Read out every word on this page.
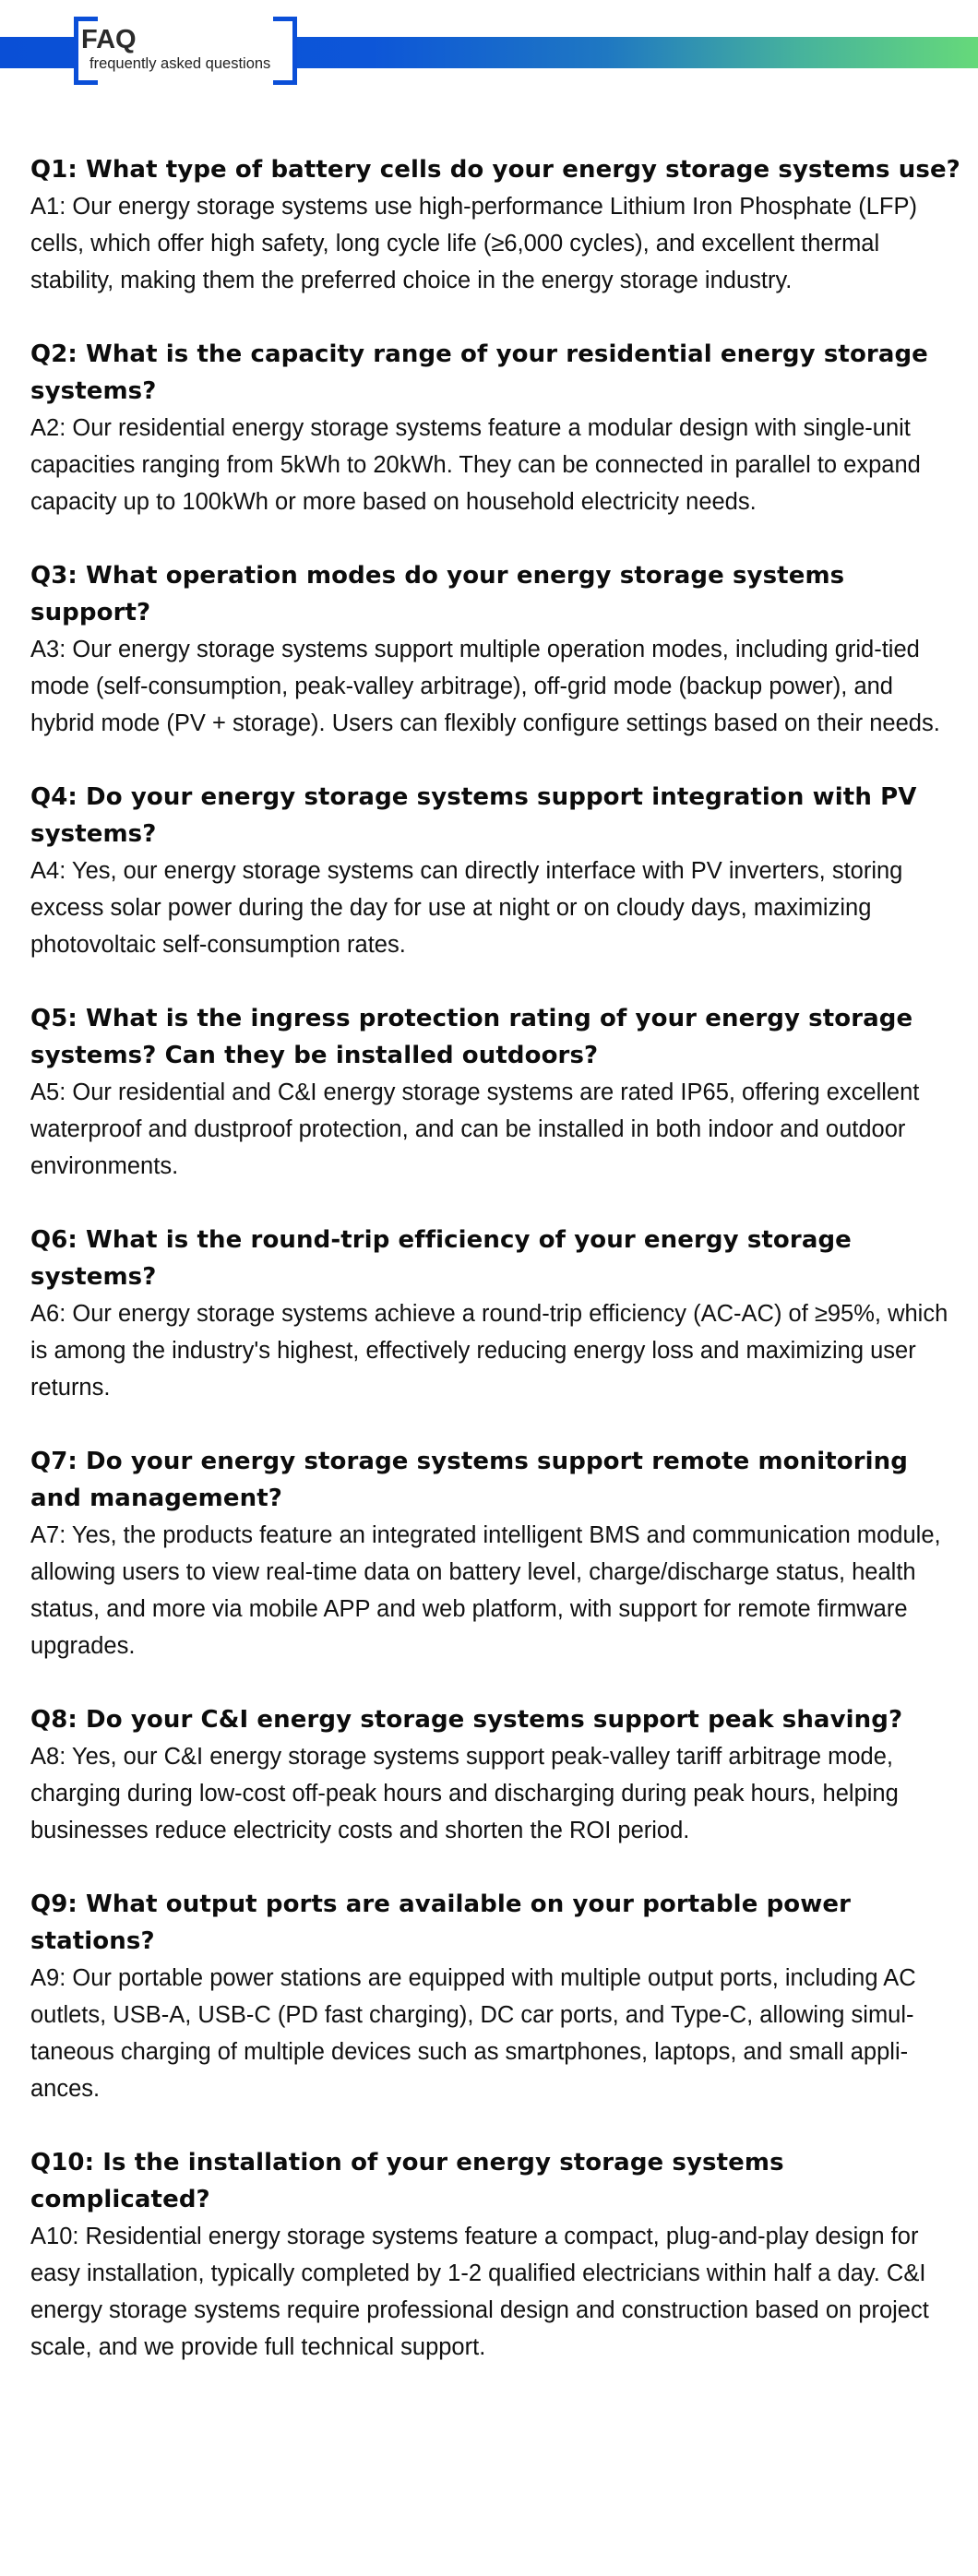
FAQ
frequently asked questions

Q1: What type of battery cells do your energy storage systems use?

A1: Our energy storage systems use high-performance Lithium Iron Phosphate (LFP) cells, which offer high safety, long cycle life (≥6,000 cycles), and excellent thermal stability, making them the preferred choice in the energy storage industry.

Q2: What is the capacity range of your residential energy storage systems?

A2: Our residential energy storage systems feature a modular design with single-unit capacities ranging from 5kWh to 20kWh. They can be connected in parallel to expand capacity up to 100kWh or more based on household electricity needs.

Q3: What operation modes do your energy storage systems support?

A3: Our energy storage systems support multiple operation modes, including grid-tied mode (self-consumption, peak-valley arbitrage), off-grid mode (backup power), and hybrid mode (PV + storage). Users can flexibly configure settings based on their needs.

Q4: Do your energy storage systems support integration with PV systems?

A4: Yes, our energy storage systems can directly interface with PV inverters, storing excess solar power during the day for use at night or on cloudy days, maximizing photovoltaic self-consumption rates.

Q5: What is the ingress protection rating of your energy storage systems? Can they be installed outdoors?

A5: Our residential and C&I energy storage systems are rated IP65, offering excellent waterproof and dustproof protection, and can be installed in both indoor and outdoor environments.

Q6: What is the round-trip efficiency of your energy storage systems?

A6: Our energy storage systems achieve a round-trip efficiency (AC-AC) of ≥95%, which is among the industry's highest, effectively reducing energy loss and maximizing user returns.

Q7: Do your energy storage systems support remote monitoring and management?

A7: Yes, the products feature an integrated intelligent BMS and communication module, allowing users to view real-time data on battery level, charge/discharge status, health status, and more via mobile APP and web platform, with support for remote firmware upgrades.

Q8: Do your C&I energy storage systems support peak shaving?

A8: Yes, our C&I energy storage systems support peak-valley tariff arbitrage mode, charging during low-cost off-peak hours and discharging during peak hours, helping businesses reduce electricity costs and shorten the ROI period.

Q9: What output ports are available on your portable power stations?

A9: Our portable power stations are equipped with multiple output ports, including AC outlets, USB-A, USB-C (PD fast charging), DC car ports, and Type-C, allowing simultaneous charging of multiple devices such as smartphones, laptops, and small appliances.

Q10: Is the installation of your energy storage systems complicated?

A10: Residential energy storage systems feature a compact, plug-and-play design for easy installation, typically completed by 1-2 qualified electricians within half a day. C&I energy storage systems require professional design and construction based on project scale, and we provide full technical support.
